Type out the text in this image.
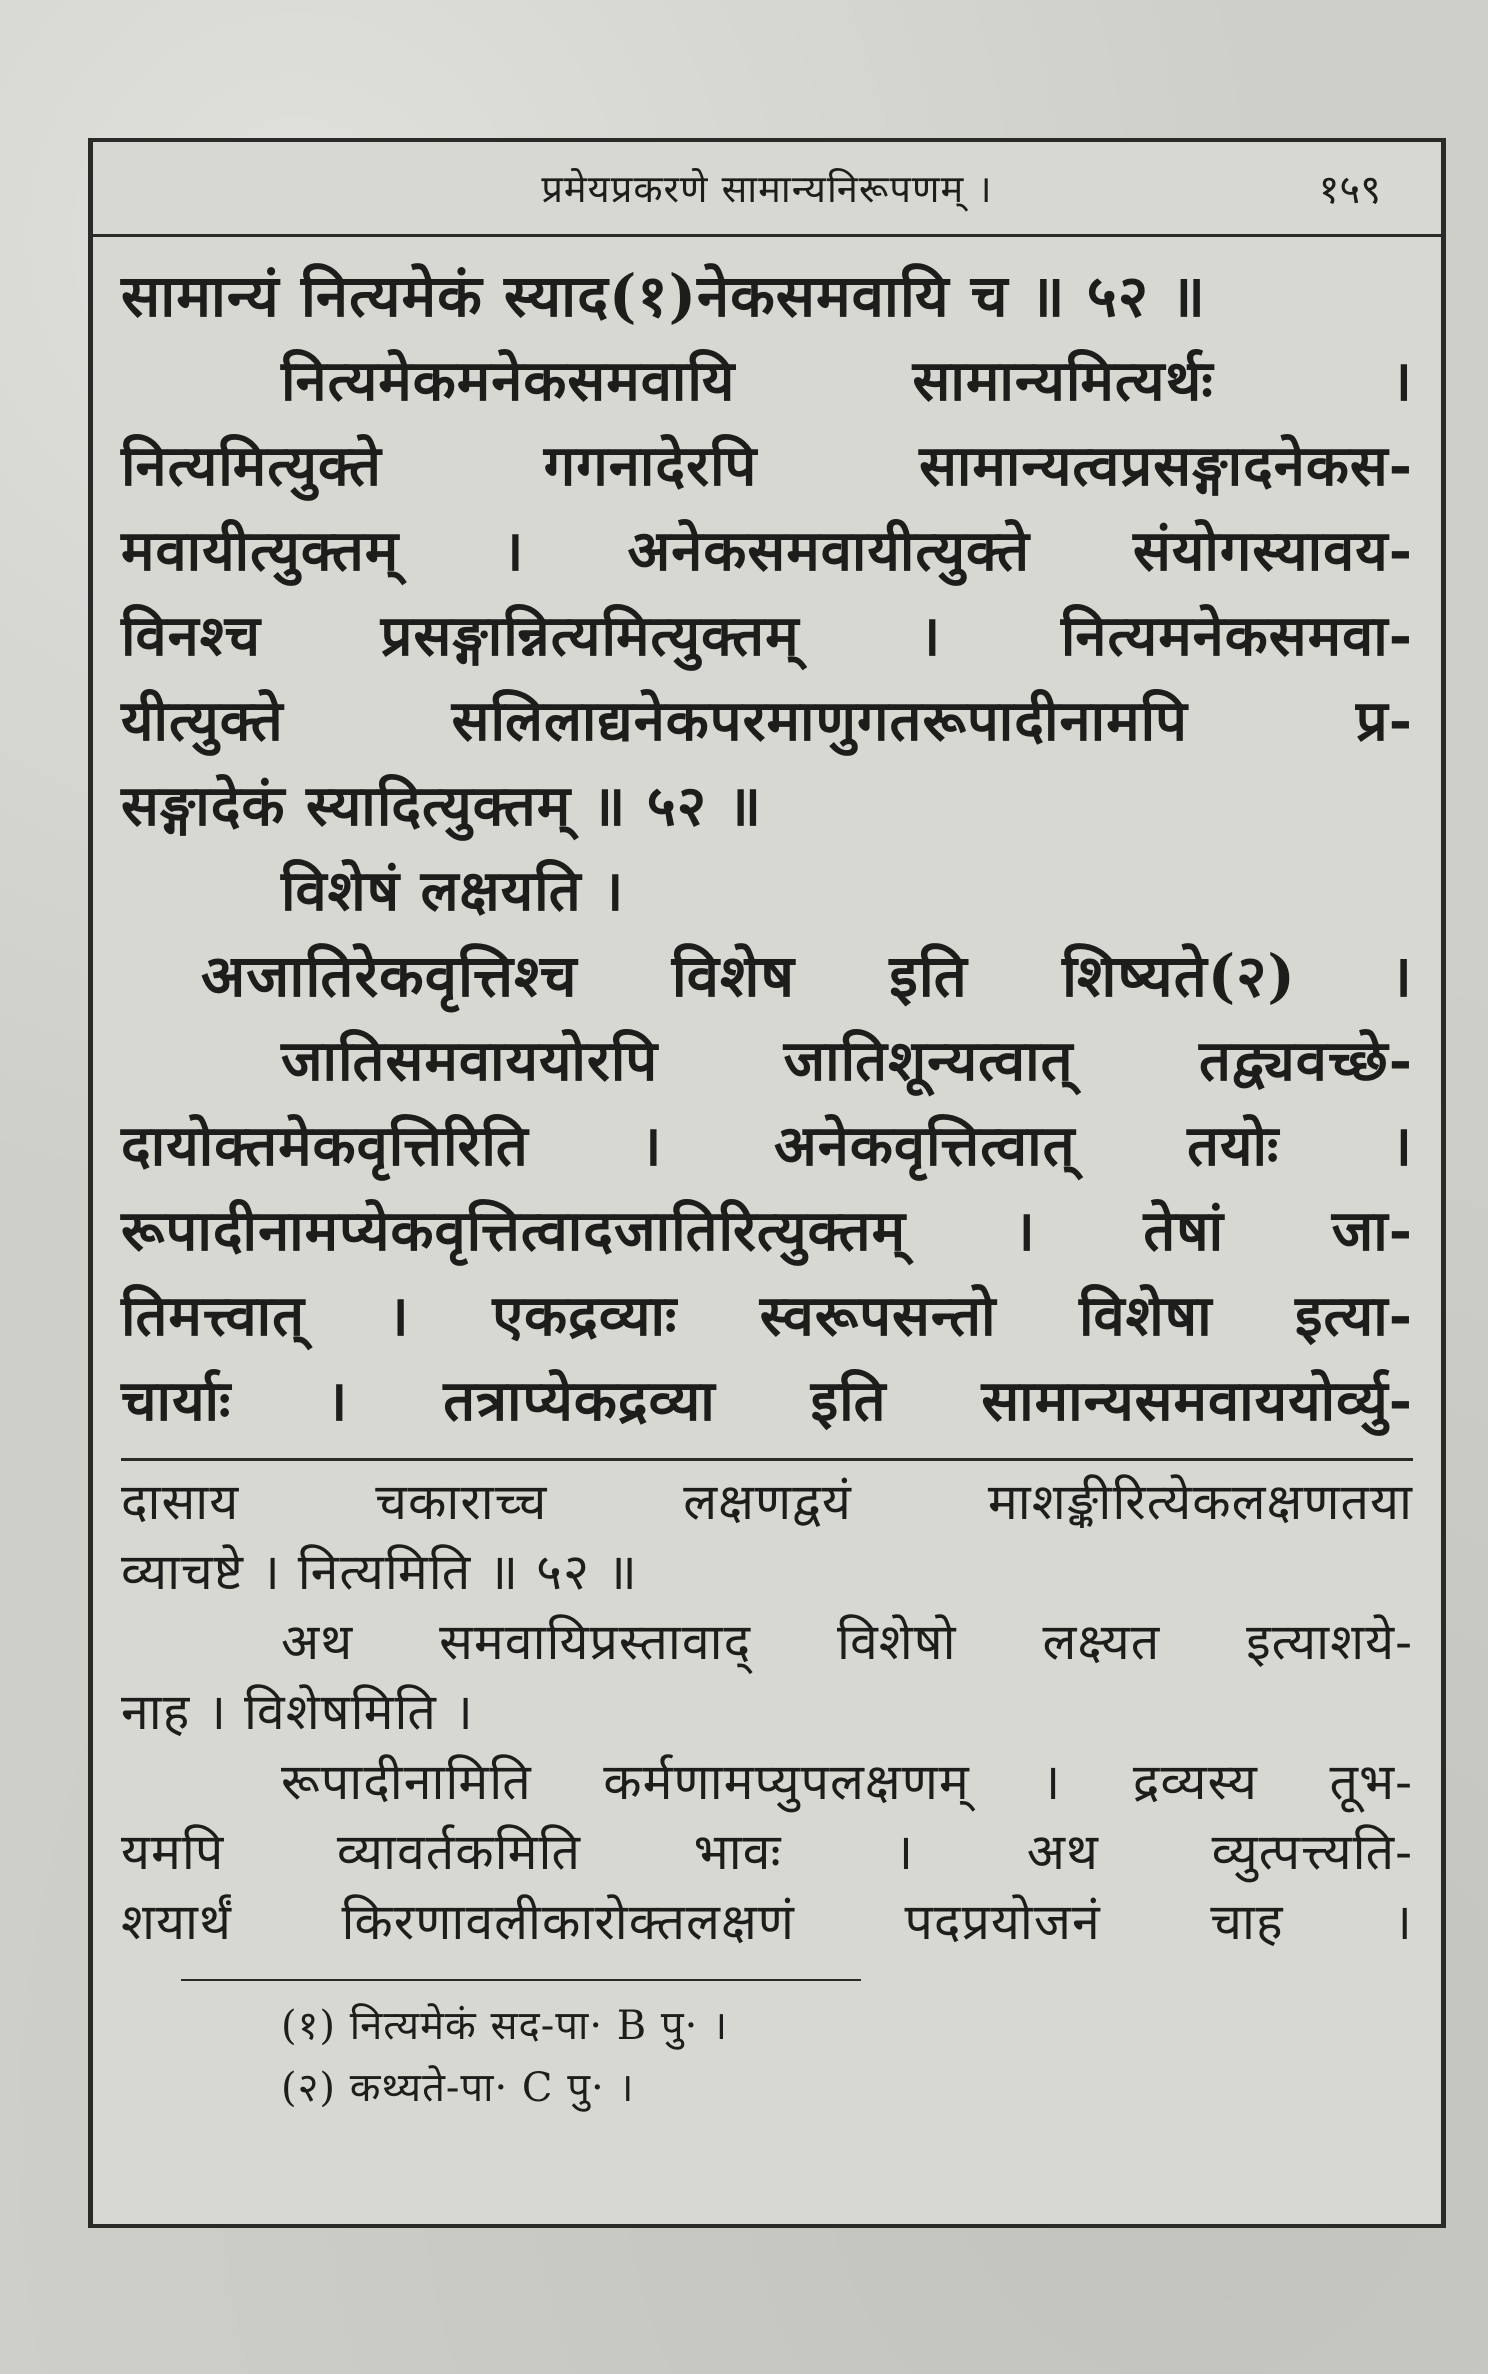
प्रमेयप्रकरणे सामान्यनिरूपणम् ।	१५९
सामान्यं नित्यमेकं स्याद(१)नेकसमवायि च ॥ ५२ ॥
नित्यमेकमनेकसमवायि सामान्यमित्यर्थः ।
नित्यमित्युक्ते गगनादेरपि सामान्यत्वप्रसङ्गादनेकस-
मवायीत्युक्तम् । अनेकसमवायीत्युक्ते संयोगस्यावय-
विनश्च प्रसङ्गान्नित्यमित्युक्तम् । नित्यमनेकसमवा-
यीत्युक्ते सलिलाद्यनेकपरमाणुगतरूपादीनामपि प्र-
सङ्गादेकं स्यादित्युक्तम् ॥ ५२ ॥
विशेषं लक्षयति ।
अजातिरेकवृत्तिश्च विशेष इति शिष्यते(२) ।
जातिसमवाययोरपि जातिशून्यत्वात् तद्व्यवच्छे-
दायोक्तमेकवृत्तिरिति । अनेकवृत्तित्वात् तयोः ।
रूपादीनामप्येकवृत्तित्वादजातिरित्युक्तम् । तेषां जा-
तिमत्त्वात् । एकद्रव्याः स्वरूपसन्तो विशेषा इत्या-
चार्याः । तत्राप्येकद्रव्या इति सामान्यसमवाययोर्व्यु-
दासाय चकाराच्च लक्षणद्वयं माशङ्कीरित्येकलक्षणतया
व्याचष्टे । नित्यमिति ॥ ५२ ॥
अथ समवायिप्रस्तावाद् विशेषो लक्ष्यत इत्याशये-
नाह । विशेषमिति ।
रूपादीनामिति कर्मणामप्युपलक्षणम् । द्रव्यस्य तूभ-
यमपि व्यावर्तकमिति भावः । अथ व्युत्पत्त्यति-
शयार्थं किरणावलीकारोक्तलक्षणं पदप्रयोजनं चाह ।
(१) नित्यमेकं सद-पा· B पु· ।
(२) कथ्यते-पा· C पु· ।
